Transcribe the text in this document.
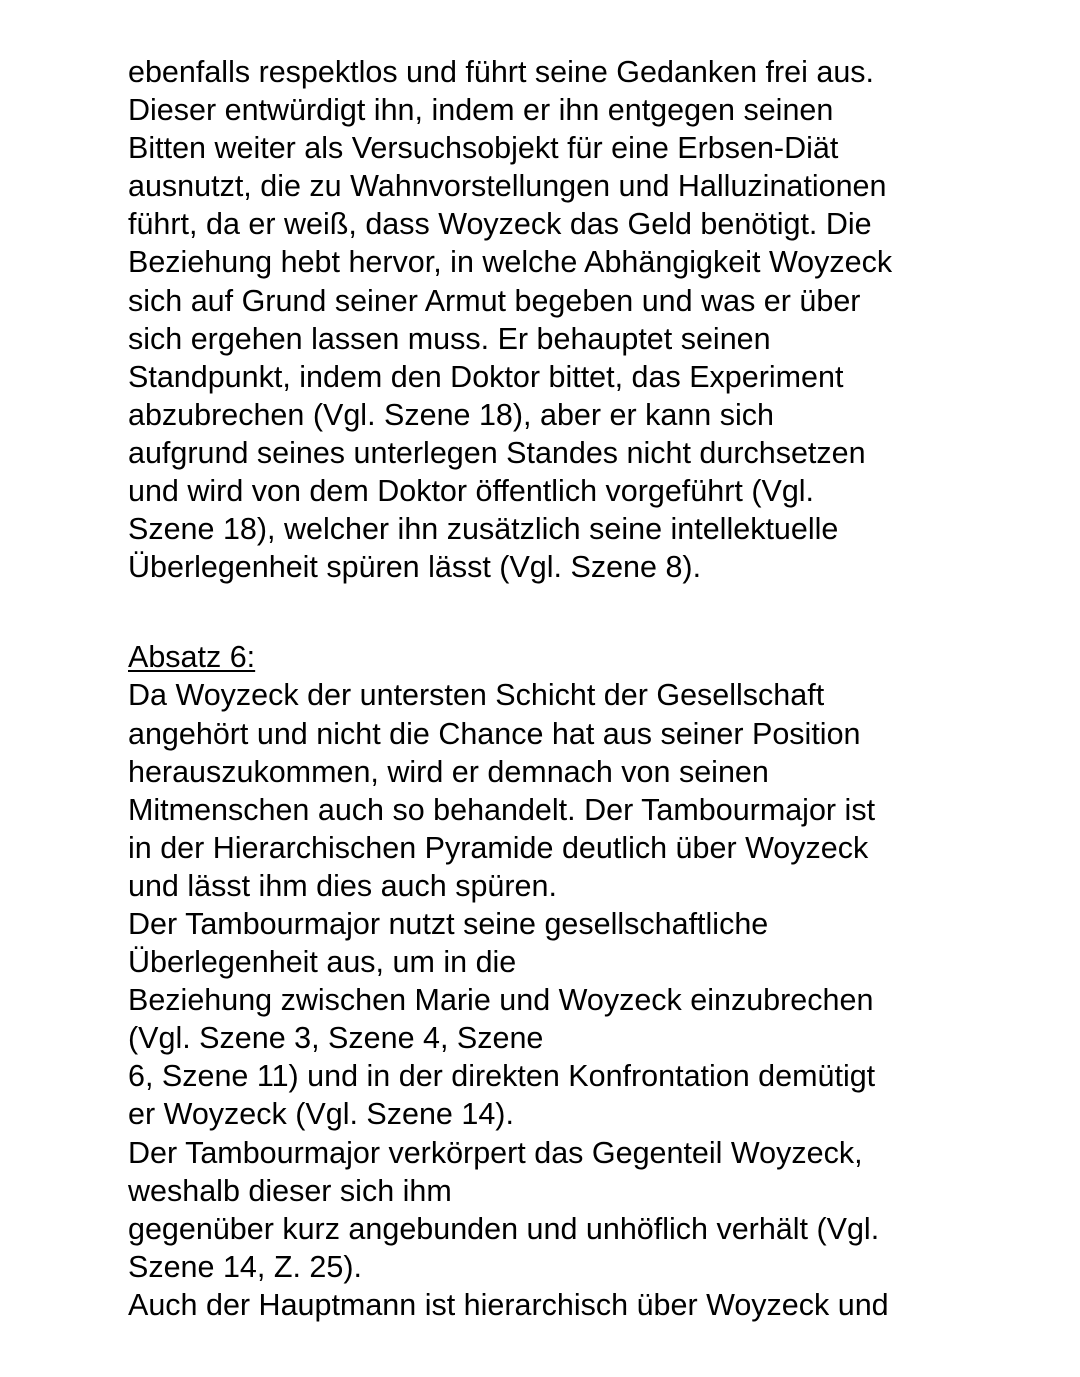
ebenfalls respektlos und führt seine Gedanken frei aus.
Dieser entwürdigt ihn, indem er ihn entgegen seinen
Bitten weiter als Versuchsobjekt für eine Erbsen-Diät
ausnutzt, die zu Wahnvorstellungen und Halluzinationen
führt, da er weiß, dass Woyzeck das Geld benötigt. Die
Beziehung hebt hervor, in welche Abhängigkeit Woyzeck
sich auf Grund seiner Armut begeben und was er über
sich ergehen lassen muss. Er behauptet seinen
Standpunkt, indem den Doktor bittet, das Experiment
abzubrechen (Vgl. Szene 18), aber er kann sich
aufgrund seines unterlegen Standes nicht durchsetzen
und wird von dem Doktor öffentlich vorgeführt (Vgl.
Szene 18), welcher ihn zusätzlich seine intellektuelle
Überlegenheit spüren lässt (Vgl. Szene 8).
Absatz 6:
Da Woyzeck der untersten Schicht der Gesellschaft
angehört und nicht die Chance hat aus seiner Position
herauszukommen, wird er demnach von seinen
Mitmenschen auch so behandelt. Der Tambourmajor ist
in der Hierarchischen Pyramide deutlich über Woyzeck
und lässt ihm dies auch spüren.
Der Tambourmajor nutzt seine gesellschaftliche
Überlegenheit aus, um in die
Beziehung zwischen Marie und Woyzeck einzubrechen
(Vgl. Szene 3, Szene 4, Szene
6, Szene 11) und in der direkten Konfrontation demütigt
er Woyzeck (Vgl. Szene 14).
Der Tambourmajor verkörpert das Gegenteil Woyzeck,
weshalb dieser sich ihm
gegenüber kurz angebunden und unhöflich verhält (Vgl.
Szene 14, Z. 25).
Auch der Hauptmann ist hierarchisch über Woyzeck und
